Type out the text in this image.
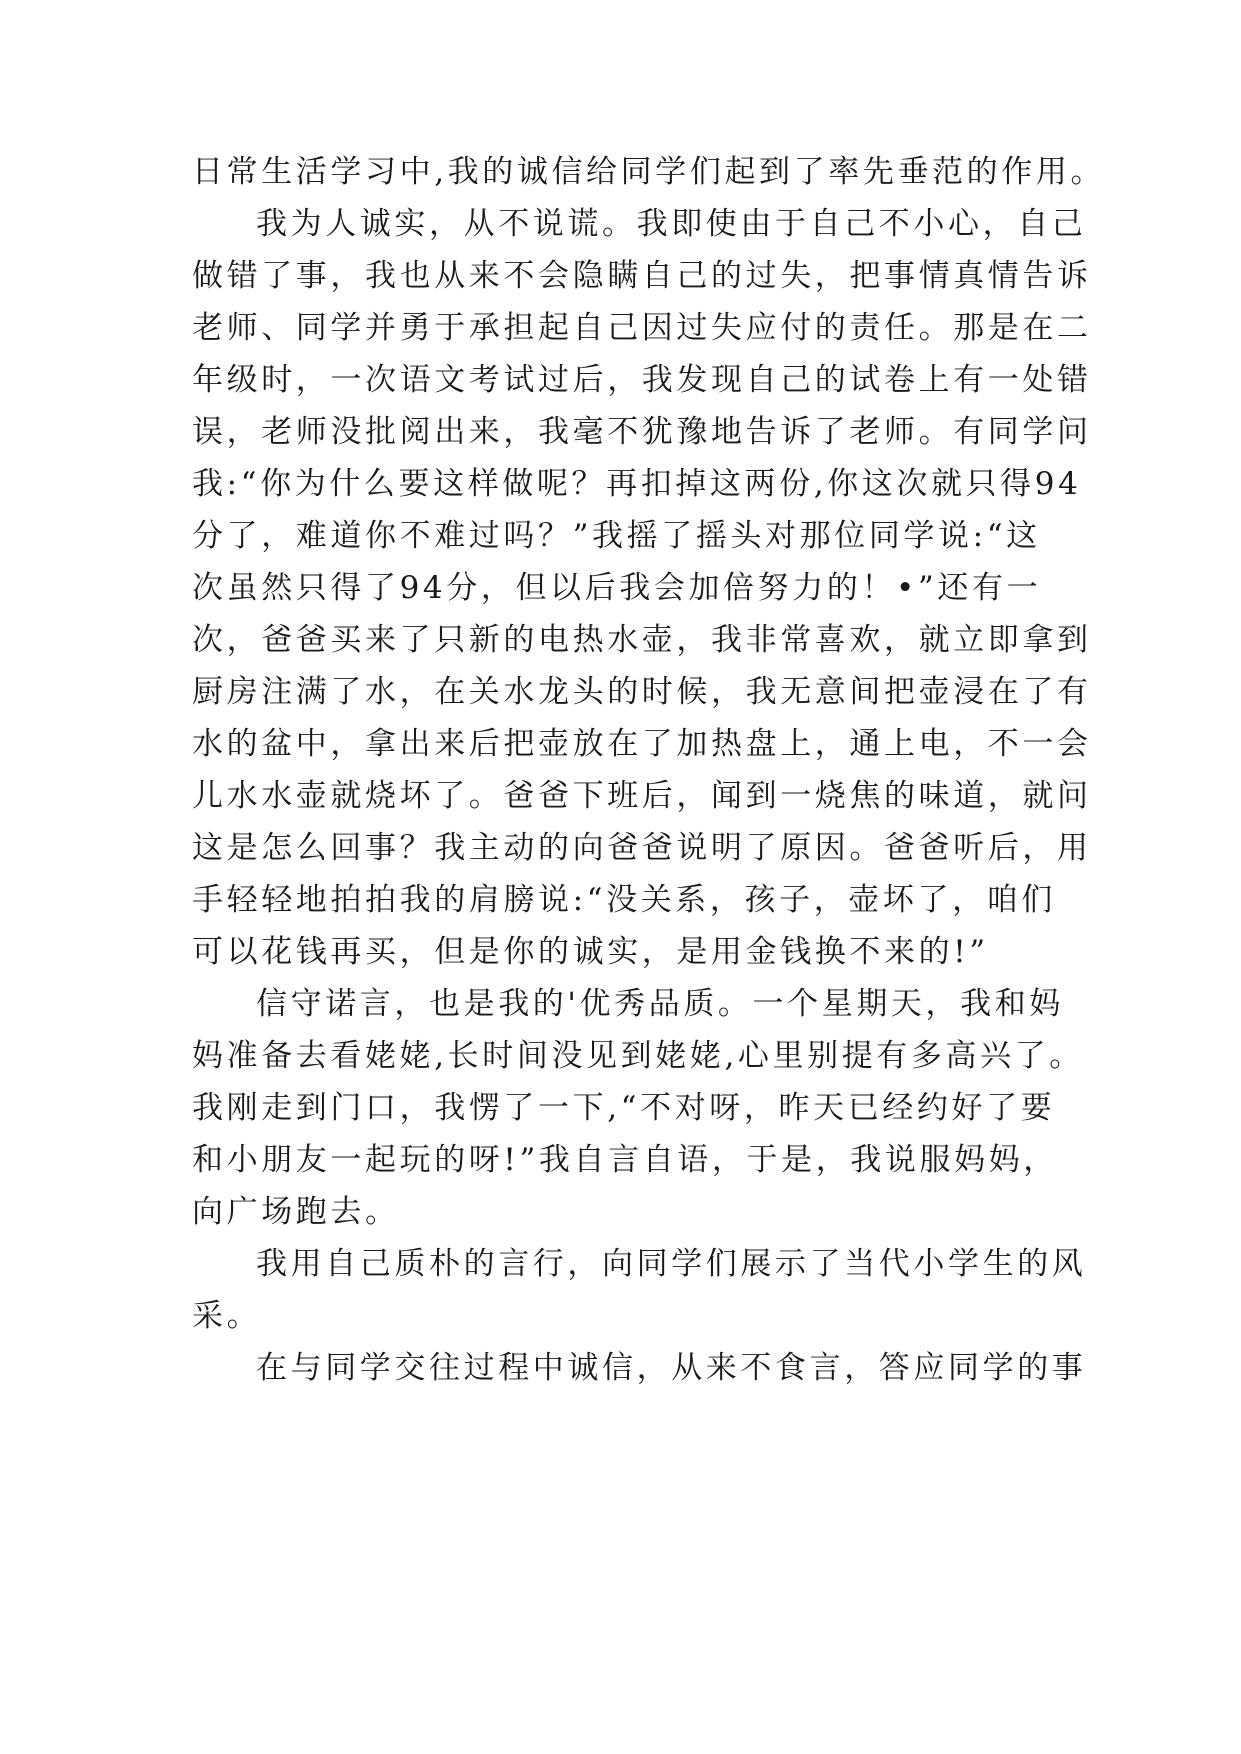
日常生活学习中,我的诚信给同学们起到了率先垂范的作用。
我为人诚实，从不说谎。我即使由于自己不小心，自己
做错了事，我也从来不会隐瞒自己的过失，把事情真情告诉
老师、同学并勇于承担起自己因过失应付的责任。那是在二
年级时，一次语文考试过后，我发现自己的试卷上有一处错
误，老师没批阅出来，我毫不犹豫地告诉了老师。有同学问
我:“你为什么要这样做呢？再扣掉这两份,你这次就只得94
分了，难道你不难过吗？”我摇了摇头对那位同学说:“这
次虽然只得了94分，但以后我会加倍努力的！•”还有一
次，爸爸买来了只新的电热水壶，我非常喜欢，就立即拿到
厨房注满了水，在关水龙头的时候，我无意间把壶浸在了有
水的盆中，拿出来后把壶放在了加热盘上，通上电，不一会
儿水水壶就烧坏了。爸爸下班后，闻到一烧焦的味道，就问
这是怎么回事？我主动的向爸爸说明了原因。爸爸听后，用
手轻轻地拍拍我的肩膀说:“没关系，孩子，壶坏了，咱们
可以花钱再买，但是你的诚实，是用金钱换不来的!”
信守诺言，也是我的'优秀品质。一个星期天，我和妈
妈准备去看姥姥,长时间没见到姥姥,心里别提有多高兴了。
我刚走到门口，我愣了一下,“不对呀，昨天已经约好了要
和小朋友一起玩的呀!”我自言自语，于是，我说服妈妈，
向广场跑去。
我用自己质朴的言行，向同学们展示了当代小学生的风
采。
在与同学交往过程中诚信，从来不食言，答应同学的事
